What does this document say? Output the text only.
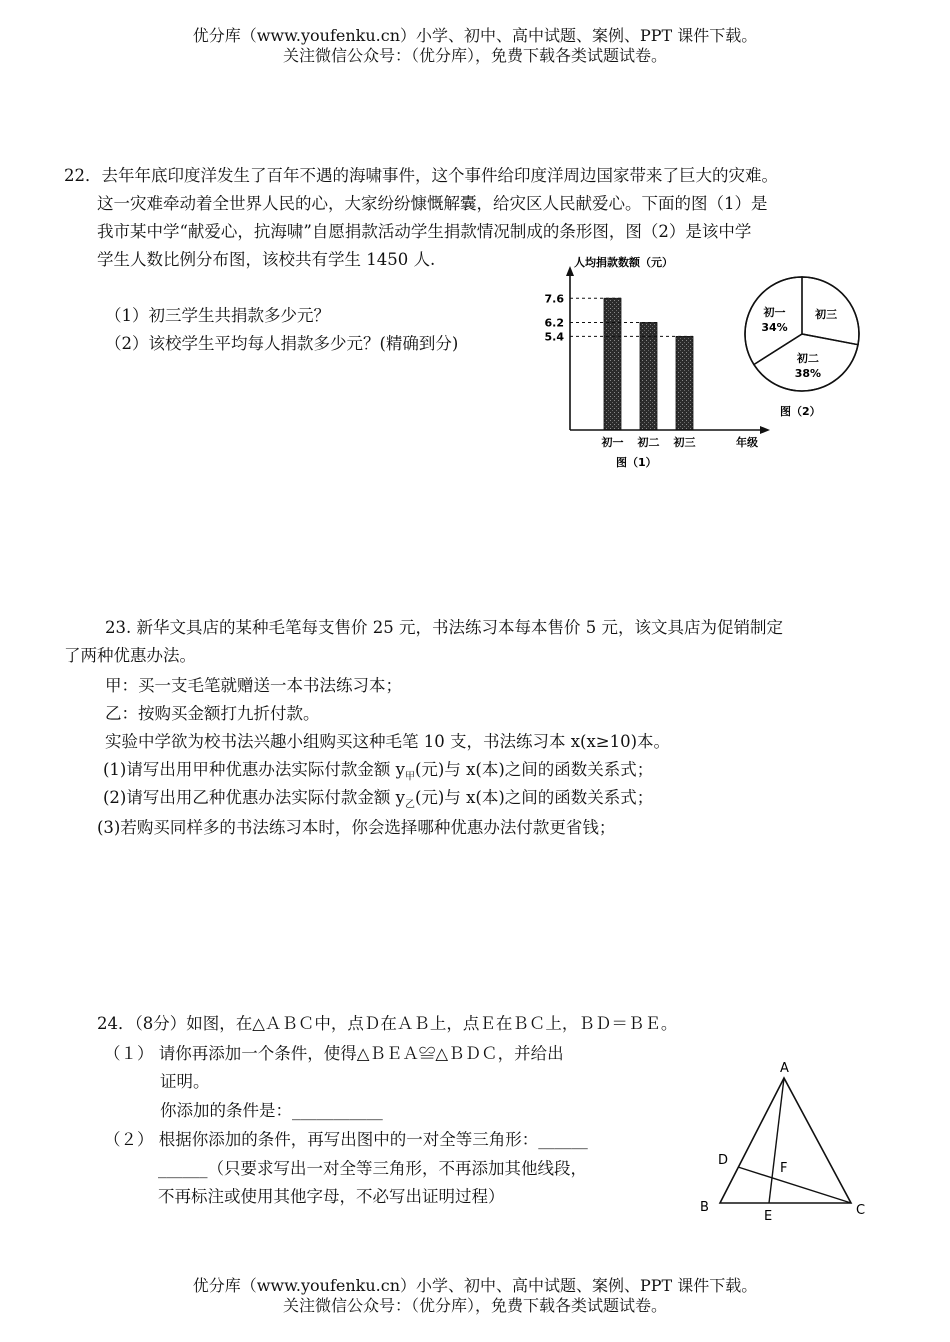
优分库（www.youfenku.cn）小学、初中、高中试题、案例、PPT 课件下载。
关注微信公众号：（优分库），免费下载各类试题试卷。
22．去年年底印度洋发生了百年不遇的海啸事件，这个事件给印度洋周边国家带来了巨大的灾难。
这一灾难牵动着全世界人民的心，大家纷纷慷慨解囊，给灾区人民献爱心。下面的图（1）是
我市某中学“献爱心，抗海啸”自愿捐款活动学生捐款情况制成的条形图，图（2）是该中学
学生人数比例分布图，该校共有学生 1450 人.
（1）初三学生共捐款多少元？
（2）该校学生平均每人捐款多少元？(精确到分)
7.6
初一
6.2
初二
5.4
初三
人均捐款数额（元）
年级
图（1）
初一
34%
初二
38%
初三
图（2）
23. 新华文具店的某种毛笔每支售价 25 元，书法练习本每本售价 5 元，该文具店为促销制定
了两种优惠办法。
甲：买一支毛笔就赠送一本书法练习本；
乙：按购买金额打九折付款。
实验中学欲为校书法兴趣小组购买这种毛笔 10 支，书法练习本 x(x≥10)本。
(1)请写出用甲种优惠办法实际付款金额 $y_甲$(元)与 x(本)之间的函数关系式；
(2)请写出用乙种优惠办法实际付款金额 $y_乙$(元)与 x(本)之间的函数关系式；
(3)若购买同样多的书法练习本时，你会选择哪种优惠办法付款更省钱；
24．（8分）如图，在△ＡＢＣ中，点Ｄ在ＡＢ上，点Ｅ在ＢＣ上，ＢＤ＝ＢＥ。
（１） 请你再添加一个条件，使得△ＢＥＡ≌△ＢＤＣ，并给出
证明。
你添加的条件是：___________
（２） 根据你添加的条件，再写出图中的一对全等三角形：______
______（只要求写出一对全等三角形，不再添加其他线段，
不再标注或使用其他字母，不必写出证明过程）
A
B	C
D
E
F
优分库（www.youfenku.cn）小学、初中、高中试题、案例、PPT 课件下载。
关注微信公众号：（优分库），免费下载各类试题试卷。
